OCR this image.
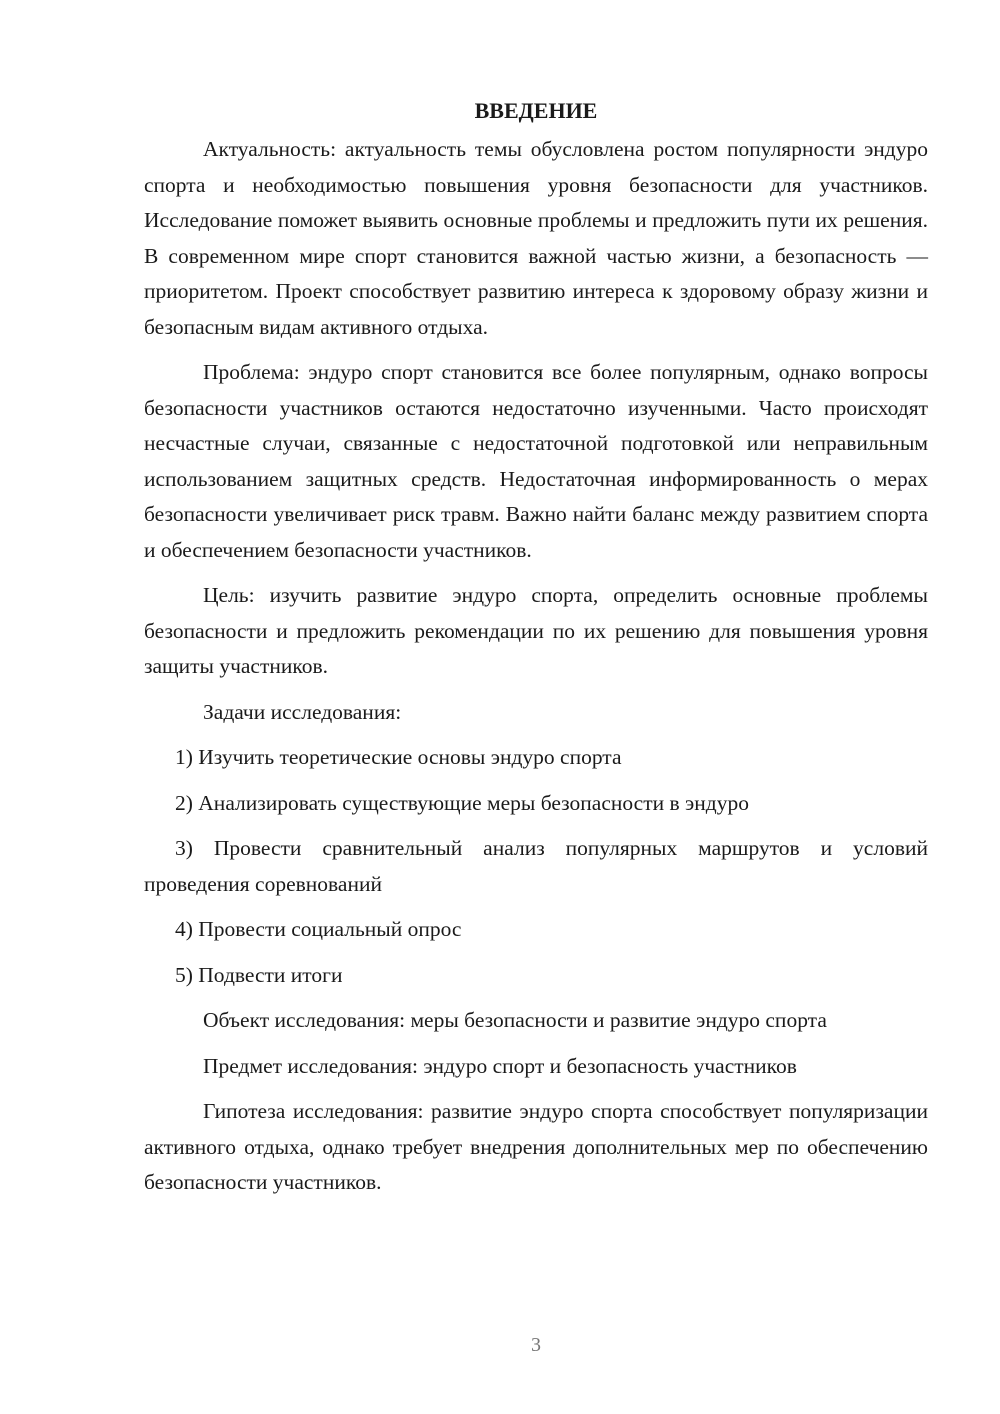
ВВЕДЕНИЕ

Актуальность: актуальность темы обусловлена ростом популярности эндуро спорта и необходимостью повышения уровня безопасности для участников. Исследование поможет выявить основные проблемы и предложить пути их решения. В современном мире спорт становится важной частью жизни, а безопасность — приоритетом. Проект способствует развитию интереса к здоровому образу жизни и безопасным видам активного отдыха.

Проблема: эндуро спорт становится все более популярным, однако вопросы безопасности участников остаются недостаточно изученными. Часто происходят несчастные случаи, связанные с недостаточной подготовкой или неправильным использованием защитных средств. Недостаточная информированность о мерах безопасности увеличивает риск травм. Важно найти баланс между развитием спорта и обеспечением безопасности участников.

Цель: изучить развитие эндуро спорта, определить основные проблемы безопасности и предложить рекомендации по их решению для повышения уровня защиты участников.

Задачи исследования:

1) Изучить теоретические основы эндуро спорта

2) Анализировать существующие меры безопасности в эндуро

3) Провести сравнительный анализ популярных маршрутов и условий проведения соревнований

4) Провести социальный опрос

5) Подвести итоги

Объект исследования: меры безопасности и развитие эндуро спорта

Предмет исследования: эндуро спорт и безопасность участников

Гипотеза исследования: развитие эндуро спорта способствует популяризации активного отдыха, однако требует внедрения дополнительных мер по обеспечению безопасности участников.

3
